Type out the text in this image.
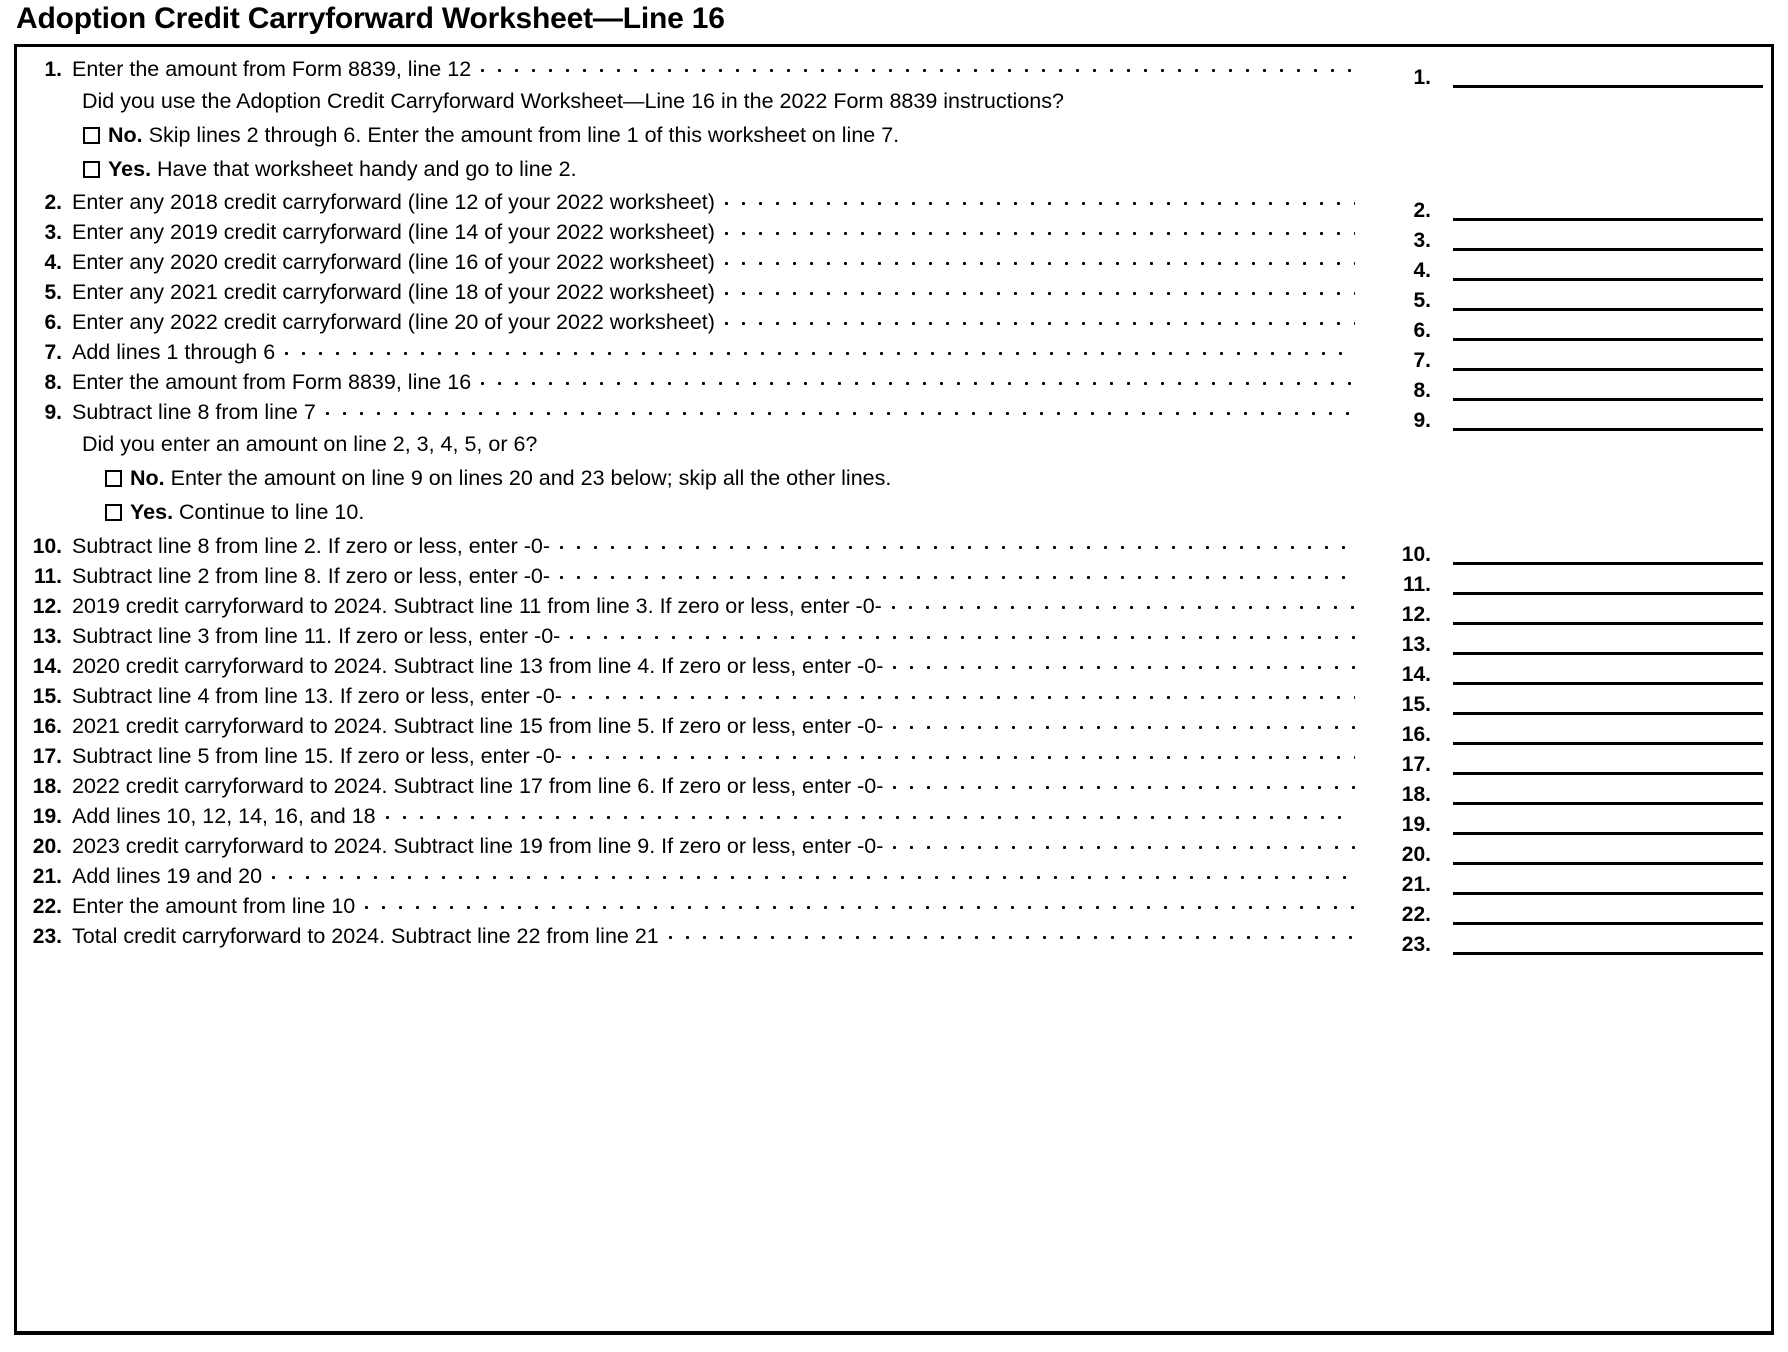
Adoption Credit Carryforward Worksheet—Line 16
1. Enter the amount from Form 8839, line 12	1.
Did you use the Adoption Credit Carryforward Worksheet—Line 16 in the 2022 Form 8839 instructions?
No. Skip lines 2 through 6. Enter the amount from line 1 of this worksheet on line 7.
Yes. Have that worksheet handy and go to line 2.
2. Enter any 2018 credit carryforward (line 12 of your 2022 worksheet)	2.
3. Enter any 2019 credit carryforward (line 14 of your 2022 worksheet)	3.
4. Enter any 2020 credit carryforward (line 16 of your 2022 worksheet)	4.
5. Enter any 2021 credit carryforward (line 18 of your 2022 worksheet)	5.
6. Enter any 2022 credit carryforward (line 20 of your 2022 worksheet)	6.
7. Add lines 1 through 6	7.
8. Enter the amount from Form 8839, line 16	8.
9. Subtract line 8 from line 7	9.
Did you enter an amount on line 2, 3, 4, 5, or 6?
No. Enter the amount on line 9 on lines 20 and 23 below; skip all the other lines.
Yes. Continue to line 10.
10. Subtract line 8 from line 2. If zero or less, enter -0-	10.
11. Subtract line 2 from line 8. If zero or less, enter -0-	11.
12. 2019 credit carryforward to 2024. Subtract line 11 from line 3. If zero or less, enter -0-	12.
13. Subtract line 3 from line 11. If zero or less, enter -0-	13.
14. 2020 credit carryforward to 2024. Subtract line 13 from line 4. If zero or less, enter -0-	14.
15. Subtract line 4 from line 13. If zero or less, enter -0-	15.
16. 2021 credit carryforward to 2024. Subtract line 15 from line 5. If zero or less, enter -0-	16.
17. Subtract line 5 from line 15. If zero or less, enter -0-	17.
18. 2022 credit carryforward to 2024. Subtract line 17 from line 6. If zero or less, enter -0-	18.
19. Add lines 10, 12, 14, 16, and 18	19.
20. 2023 credit carryforward to 2024. Subtract line 19 from line 9. If zero or less, enter -0-	20.
21. Add lines 19 and 20	21.
22. Enter the amount from line 10	22.
23. Total credit carryforward to 2024. Subtract line 22 from line 21	23.
